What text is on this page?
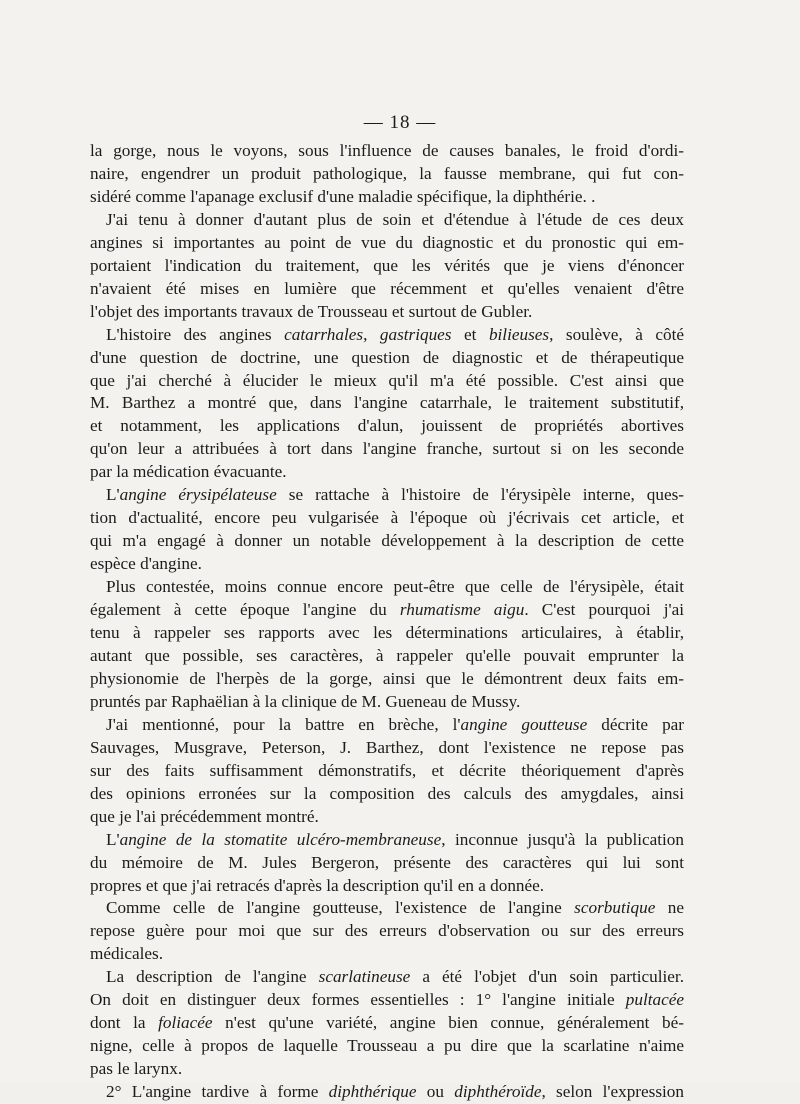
— 18 —
la gorge, nous le voyons, sous l'influence de causes banales, le froid d'ordi-
naire, engendrer un produit pathologique, la fausse membrane, qui fut con-
sidéré comme l'apanage exclusif d'une maladie spécifique, la diphthérie. .
J'ai tenu à donner d'autant plus de soin et d'étendue à l'étude de ces deux
angines si importantes au point de vue du diagnostic et du pronostic qui em-
portaient l'indication du traitement, que les vérités que je viens d'énoncer
n'avaient été mises en lumière que récemment et qu'elles venaient d'être
l'objet des importants travaux de Trousseau et surtout de Gubler.
L'histoire des angines catarrhales, gastriques et bilieuses, soulève, à côté
d'une question de doctrine, une question de diagnostic et de thérapeutique
que j'ai cherché à élucider le mieux qu'il m'a été possible. C'est ainsi que
M. Barthez a montré que, dans l'angine catarrhale, le traitement substitutif,
et notamment, les applications d'alun, jouissent de propriétés abortives
qu'on leur a attribuées à tort dans l'angine franche, surtout si on les seconde
par la médication évacuante.
L'angine érysipélateuse se rattache à l'histoire de l'érysipèle interne, ques-
tion d'actualité, encore peu vulgarisée à l'époque où j'écrivais cet article, et
qui m'a engagé à donner un notable développement à la description de cette
espèce d'angine.
Plus contestée, moins connue encore peut-être que celle de l'érysipèle, était
également à cette époque l'angine du rhumatisme aigu. C'est pourquoi j'ai
tenu à rappeler ses rapports avec les déterminations articulaires, à établir,
autant que possible, ses caractères, à rappeler qu'elle pouvait emprunter la
physionomie de l'herpès de la gorge, ainsi que le démontrent deux faits em-
pruntés par Raphaëlian à la clinique de M. Gueneau de Mussy.
J'ai mentionné, pour la battre en brèche, l'angine goutteuse décrite par
Sauvages, Musgrave, Peterson, J. Barthez, dont l'existence ne repose pas
sur des faits suffisamment démonstratifs, et décrite théoriquement d'après
des opinions erronées sur la composition des calculs des amygdales, ainsi
que je l'ai précédemment montré.
L'angine de la stomatite ulcéro-membraneuse, inconnue jusqu'à la publication
du mémoire de M. Jules Bergeron, présente des caractères qui lui sont
propres et que j'ai retracés d'après la description qu'il en a donnée.
Comme celle de l'angine goutteuse, l'existence de l'angine scorbutique ne
repose guère pour moi que sur des erreurs d'observation ou sur des erreurs
médicales.
La description de l'angine scarlatineuse a été l'objet d'un soin particulier.
On doit en distinguer deux formes essentielles : 1° l'angine initiale pultacée
dont la foliacée n'est qu'une variété, angine bien connue, généralement bé-
nigne, celle à propos de laquelle Trousseau a pu dire que la scarlatine n'aime
pas le larynx.
2° L'angine tardive à forme diphthérique ou diphthéroïde, selon l'expression
